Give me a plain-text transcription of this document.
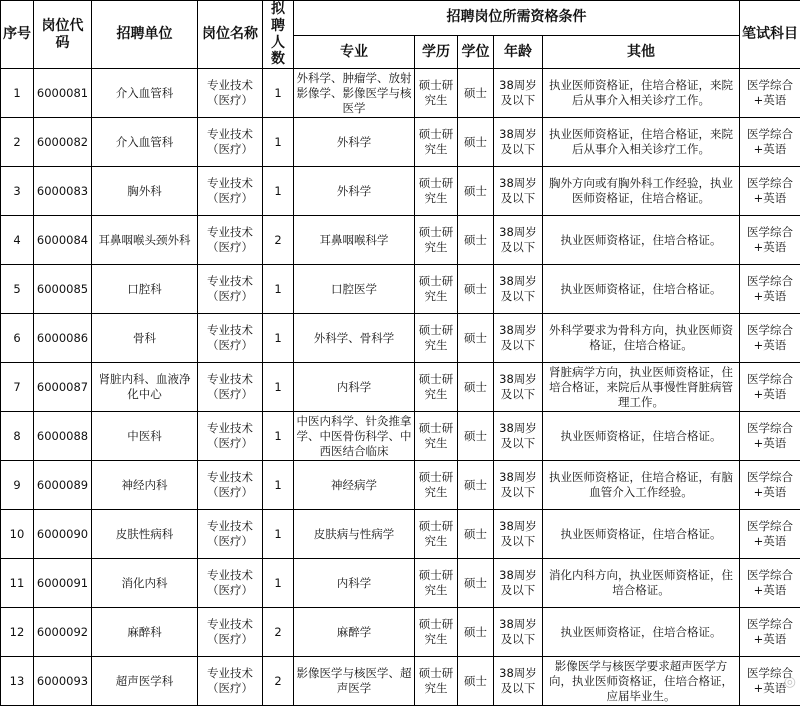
序号	岗位代码	招聘单位	岗位名称	拟聘人数	招聘岗位所需资格条件					笔试科目
					专业	学历	学位	年龄	其他	
1	6000081	介入血管科	专业技术（医疗）	1	外科学、肿瘤学、放射影像学、影像医学与核医学	硕士研究生	硕士	38周岁及以下	执业医师资格证，住培合格证，来院后从事介入相关诊疗工作。	医学综合+英语
2	6000082	介入血管科	专业技术（医疗）	1	外科学	硕士研究生	硕士	38周岁及以下	执业医师资格证，住培合格证，来院后从事介入相关诊疗工作。	医学综合+英语
3	6000083	胸外科	专业技术（医疗）	1	外科学	硕士研究生	硕士	38周岁及以下	胸外方向或有胸外科工作经验，执业医师资格证，住培合格证。	医学综合+英语
4	6000084	耳鼻咽喉头颈外科	专业技术（医疗）	2	耳鼻咽喉科学	硕士研究生	硕士	38周岁及以下	执业医师资格证，住培合格证。	医学综合+英语
5	6000085	口腔科	专业技术（医疗）	1	口腔医学	硕士研究生	硕士	38周岁及以下	执业医师资格证，住培合格证。	医学综合+英语
6	6000086	骨科	专业技术（医疗）	1	外科学、骨科学	硕士研究生	硕士	38周岁及以下	外科学要求为骨科方向，执业医师资格证，住培合格证。	医学综合+英语
7	6000087	肾脏内科、血液净化中心	专业技术（医疗）	1	内科学	硕士研究生	硕士	38周岁及以下	肾脏病学方向，执业医师资格证，住培合格证，来院后从事慢性肾脏病管理工作。	医学综合+英语
8	6000088	中医科	专业技术（医疗）	1	中医内科学、针灸推拿学、中医骨伤科学、中西医结合临床	硕士研究生	硕士	38周岁及以下	执业医师资格证，住培合格证。	医学综合+英语
9	6000089	神经内科	专业技术（医疗）	1	神经病学	硕士研究生	硕士	38周岁及以下	执业医师资格证，住培合格证，有脑血管介入工作经验。	医学综合+英语
10	6000090	皮肤性病科	专业技术（医疗）	1	皮肤病与性病学	硕士研究生	硕士	38周岁及以下	执业医师资格证，住培合格证。	医学综合+英语
11	6000091	消化内科	专业技术（医疗）	1	内科学	硕士研究生	硕士	38周岁及以下	消化内科方向，执业医师资格证，住培合格证。	医学综合+英语
12	6000092	麻醉科	专业技术（医疗）	2	麻醉学	硕士研究生	硕士	38周岁及以下	执业医师资格证，住培合格证。	医学综合+英语
13	6000093	超声医学科	专业技术（医疗）	2	影像医学与核医学、超声医学	硕士研究生	硕士	38周岁及以下	影像医学与核医学要求超声医学方向，执业医师资格证，住培合格证，应届毕业生。	医学综合+英语
◎
